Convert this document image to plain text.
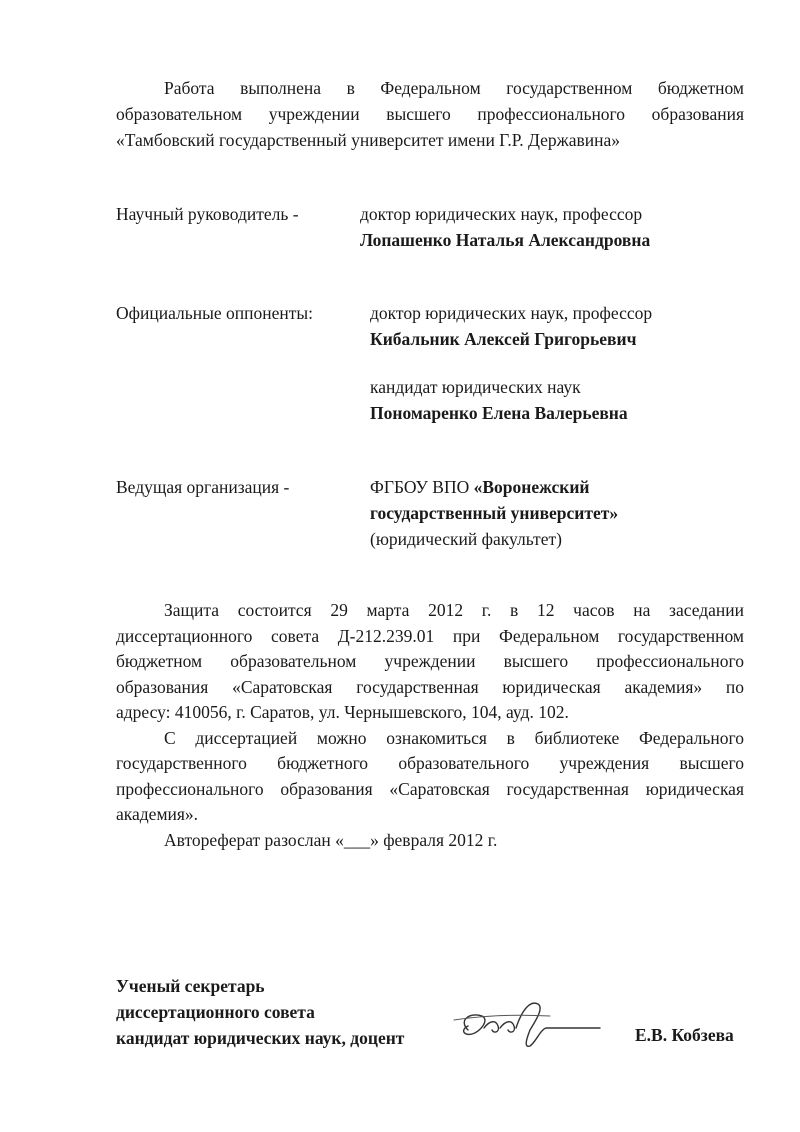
Работа выполнена в Федеральном государственном бюджетном
образовательном учреждении высшего профессионального образования
«Тамбовский государственный университет имени Г.Р. Державина»
Научный руководитель -	доктор юридических наук, профессор
Лопашенко Наталья Александровна
Официальные оппоненты:	доктор юридических наук, профессор
Кибальник Алексей Григорьевич
кандидат юридических наук
Пономаренко Елена Валерьевна
Ведущая организация -	ФГБОУ ВПО «Воронежский
государственный университет»
(юридический факультет)
Защита состоится 29 марта 2012 г. в 12 часов на заседании
диссертационного совета Д-212.239.01 при Федеральном государственном
бюджетном образовательном учреждении высшего профессионального
образования «Саратовская государственная юридическая академия» по
адресу: 410056, г. Саратов, ул. Чернышевского, 104, ауд. 102.
С диссертацией можно ознакомиться в библиотеке Федерального
государственного бюджетного образовательного учреждения высшего
профессионального образования «Саратовская государственная юридическая
академия».
Автореферат разослан «___» февраля 2012 г.
Ученый секретарь
диссертационного совета
кандидат юридических наук, доцент	Е.В. Кобзева
